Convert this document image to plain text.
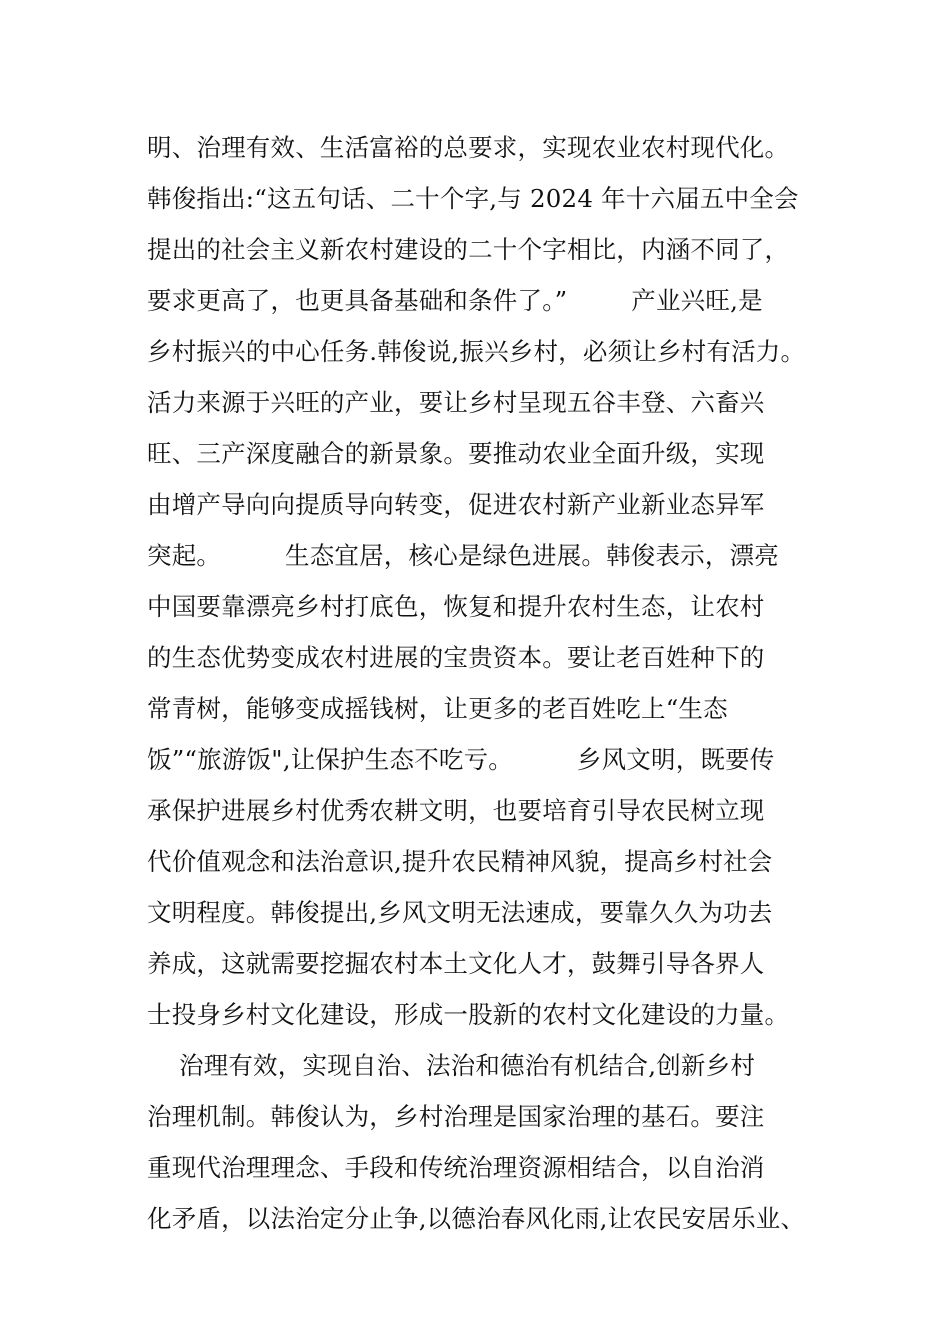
明、治理有效、生活富裕的总要求，实现农业农村现代化。
韩俊指出:“这五句话、二十个字,与 2024 年十六届五中全会
提出的社会主义新农村建设的二十个字相比，内涵不同了，
要求更高了，也更具备基础和条件了。”        产业兴旺,是
乡村振兴的中心任务.韩俊说,振兴乡村，必须让乡村有活力。
活力来源于兴旺的产业，要让乡村呈现五谷丰登、六畜兴
旺、三产深度融合的新景象。要推动农业全面升级，实现
由增产导向向提质导向转变，促进农村新产业新业态异军
突起。        生态宜居，核心是绿色进展。韩俊表示，漂亮
中国要靠漂亮乡村打底色，恢复和提升农村生态，让农村
的生态优势变成农村进展的宝贵资本。要让老百姓种下的
常青树，能够变成摇钱树，让更多的老百姓吃上“生态
饭”“旅游饭",让保护生态不吃亏。        乡风文明，既要传
承保护进展乡村优秀农耕文明，也要培育引导农民树立现
代价值观念和法治意识,提升农民精神风貌，提高乡村社会
文明程度。韩俊提出,乡风文明无法速成，要靠久久为功去
养成，这就需要挖掘农村本土文化人才，鼓舞引导各界人
士投身乡村文化建设，形成一股新的农村文化建设的力量。
治理有效，实现自治、法治和德治有机结合,创新乡村
治理机制。韩俊认为，乡村治理是国家治理的基石。要注
重现代治理理念、手段和传统治理资源相结合，以自治消
化矛盾，以法治定分止争,以德治春风化雨,让农民安居乐业、
